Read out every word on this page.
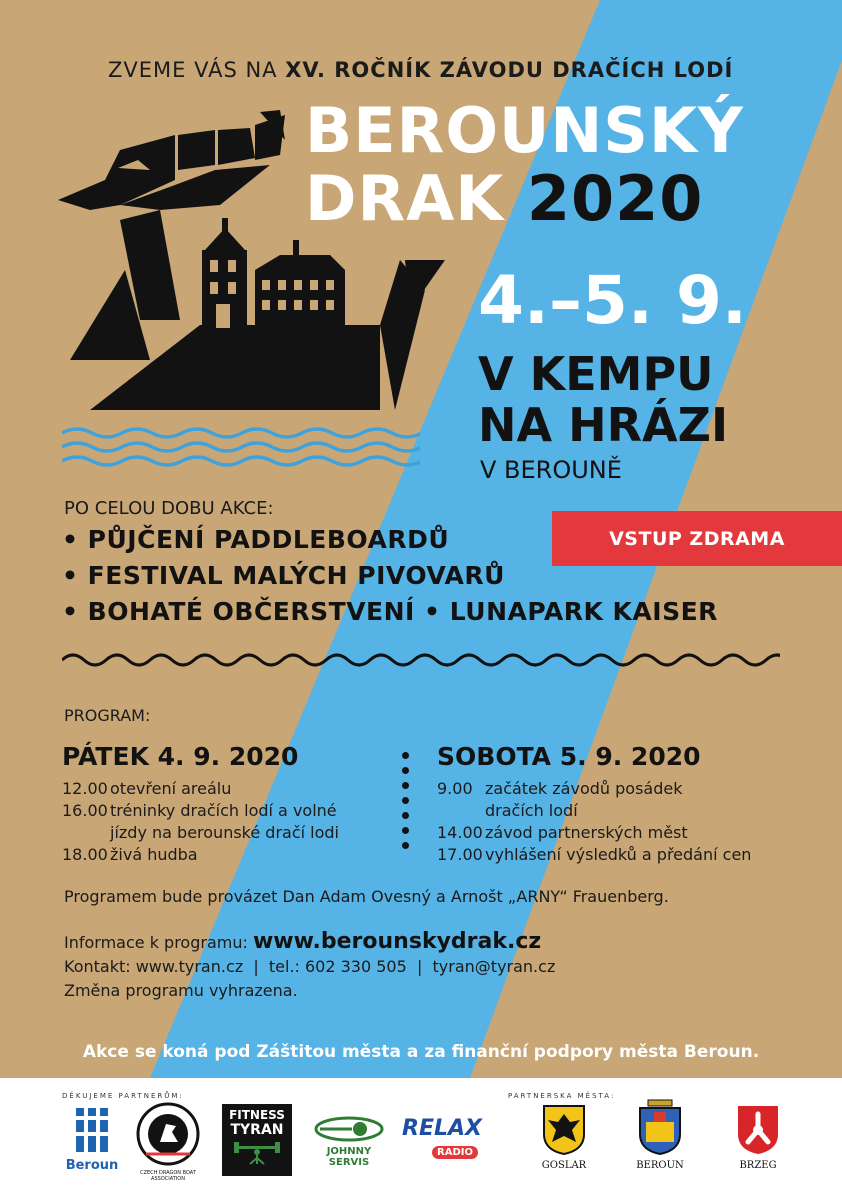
ZVEME VÁS NA XV. ROČNÍK ZÁVODU DRAČÍCH LODÍ
BEROUNSKÝ
DRAK 2020
4.–5. 9.
V KEMPU
NA HRÁZI
V BEROUNĚ
PO CELOU DOBU AKCE:
• PŮJČENÍ PADDLEBOARDŮ
• FESTIVAL MALÝCH PIVOVARŮ
• BOHATÉ OBČERSTVENÍ • LUNAPARK KAISER
VSTUP ZDRAMA
PROGRAM:
PÁTEK 4. 9. 2020
12.00 otevření areálu
16.00 tréninky dračích lodí a volné
jízdy na berounské dračí lodi
18.00 živá hudba
SOBOTA 5. 9. 2020
9.00 začátek závodů posádek
dračích lodí
14.00 závod partnerských měst
17.00 vyhlášení výsledků a předání cen
Programem bude provázet Dan Adam Ovesný a Arnošt „ARNY“ Frauenberg.
Informace k programu: www.berounskydrak.cz
Kontakt: www.tyran.cz  |  tel.: 602 330 505  |  tyran@tyran.cz
Změna programu vyhrazena.
Akce se koná pod Záštitou města a za finanční podpory města Beroun.
DĚKUJEME PARTNERŮM:	PARTNERSKA MĚSTA:
Beroun	CZECH DRAGON BOAT ASSOCIATION
FITNESS
TYRAN
JOHNNY SERVIS
RELAX
RADIO
GOSLAR	BEROUN	BRZEG
